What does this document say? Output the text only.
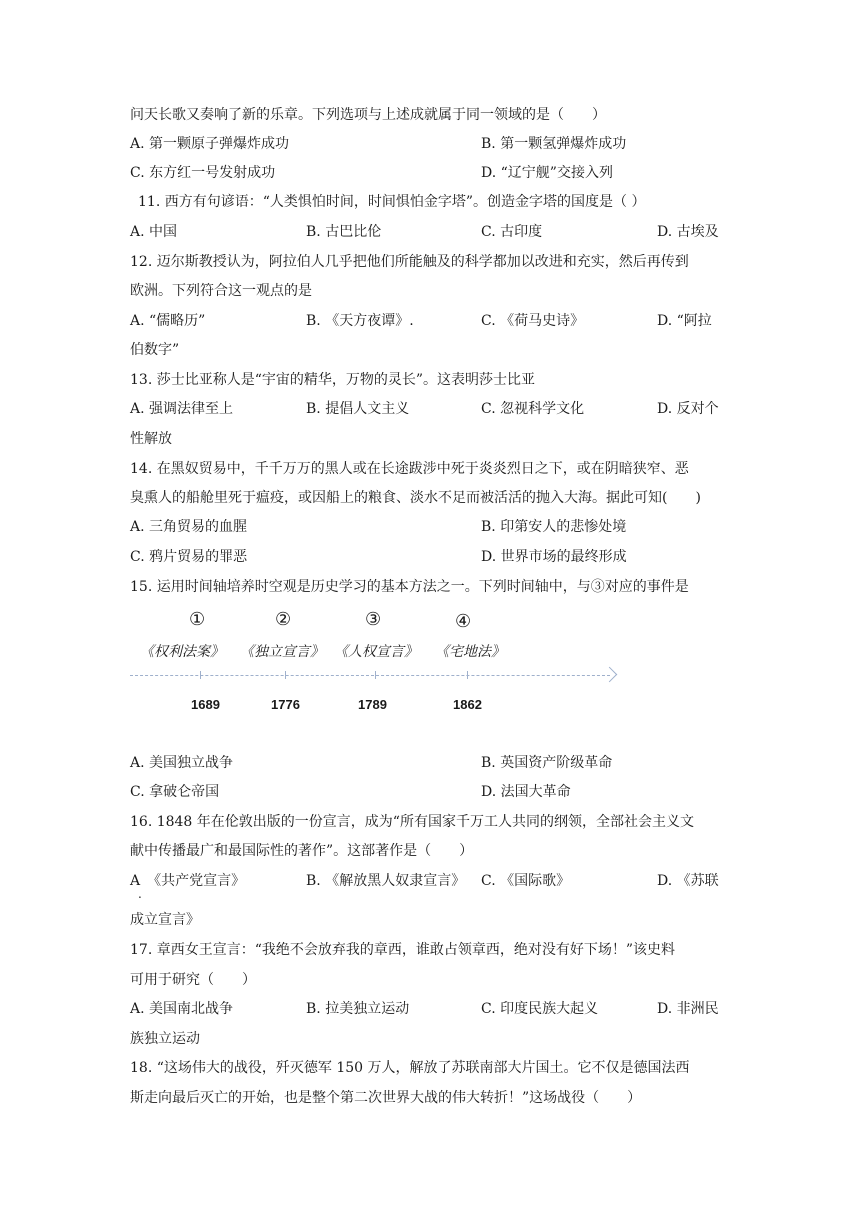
问天长歌又奏响了新的乐章。下列选项与上述成就属于同一领域的是（　　）
A. 第一颗原子弹爆炸成功	B. 第一颗氢弹爆炸成功
C. 东方红一号发射成功	D. “辽宁舰”交接入列
11. 西方有句谚语：“人类惧怕时间，时间惧怕金字塔”。创造金字塔的国度是（ ）
A. 中国	B. 古巴比伦	C. 古印度	D. 古埃及
12. 迈尔斯教授认为，阿拉伯人几乎把他们所能触及的科学都加以改进和充实，然后再传到
欧洲。下列符合这一观点的是
A. “儒略历”	B. 《天方夜谭》.	C. 《荷马史诗》	D. “阿拉
伯数字”
13. 莎士比亚称人是“宇宙的精华，万物的灵长”。这表明莎士比亚
A. 强调法律至上	B. 提倡人文主义	C. 忽视科学文化	D. 反对个
性解放
14. 在黑奴贸易中，千千万万的黑人或在长途跋涉中死于炎炎烈日之下，或在阴暗狭窄、恶
臭熏人的船舱里死于瘟疫，或因船上的粮食、淡水不足而被活活的抛入大海。据此可知(　　)
A. 三角贸易的血腥	B. 印第安人的悲惨处境
C. 鸦片贸易的罪恶	D. 世界市场的最终形成
15. 运用时间轴培养时空观是历史学习的基本方法之一。下列时间轴中，与③对应的事件是
①	②	③	④
《权利法案》 《独立宣言》 《人权宣言》 《宅地法》
1689	1776	1789	1862
A. 美国独立战争	B. 英国资产阶级革命
C. 拿破仑帝国	D. 法国大革命
16. 1848 年在伦敦出版的一份宣言，成为“所有国家千万工人共同的纲领，全部社会主义文
献中传播最广和最国际性的著作”。这部著作是（　　）
A　《共产党宣言》	B. 《解放黑人奴隶宣言》 C. 《国际歌》	D. 《苏联
.
成立宣言》
17. 章西女王宣言：“我绝不会放弃我的章西，谁敢占领章西，绝对没有好下场！”该史料
可用于研究（　　）
A. 美国南北战争	B. 拉美独立运动	C. 印度民族大起义	D. 非洲民
族独立运动
18. “这场伟大的战役，歼灭德军 150 万人，解放了苏联南部大片国土。它不仅是德国法西
斯走向最后灭亡的开始，也是整个第二次世界大战的伟大转折！”这场战役（　　）
